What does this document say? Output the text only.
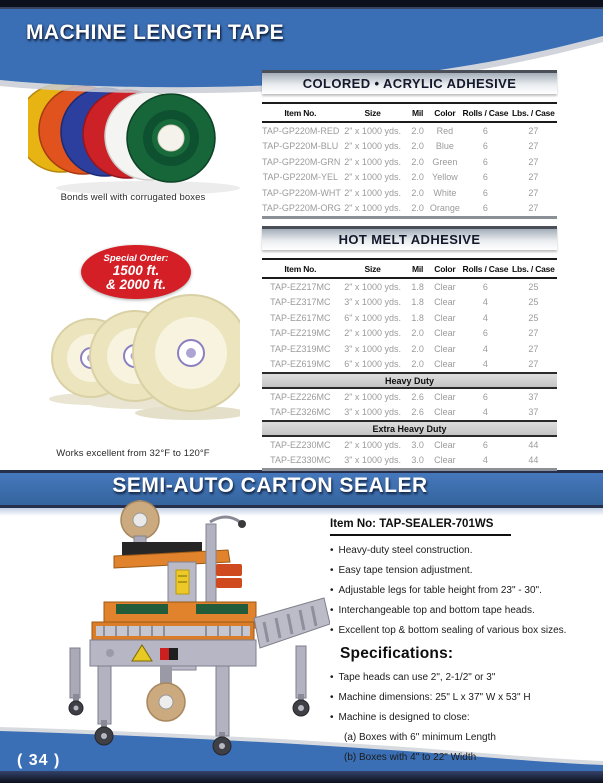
MACHINE LENGTH TAPE
Bonds well with corrugated boxes
Special Order:
1500 ft.
& 2000 ft.
Works excellent from 32°F to 120°F
COLORED • ACRYLIC ADHESIVE
Item No.	Size	Mil	Color	Rolls / Case	Lbs. / Case
TAP-GP220M-RED	2" x 1000 yds.	2.0	Red	6	27
TAP-GP220M-BLU	2" x 1000 yds.	2.0	Blue	6	27
TAP-GP220M-GRN	2" x 1000 yds.	2.0	Green	6	27
TAP-GP220M-YEL	2" x 1000 yds.	2.0	Yellow	6	27
TAP-GP220M-WHT	2" x 1000 yds.	2.0	White	6	27
TAP-GP220M-ORG	2" x 1000 yds.	2.0	Orange	6	27
HOT MELT ADHESIVE
Item No.	Size	Mil	Color	Rolls / Case	Lbs. / Case
TAP-EZ217MC	2" x 1000 yds.	1.8	Clear	6	25
TAP-EZ317MC	3" x 1000 yds.	1.8	Clear	4	25
TAP-EZ617MC	6" x 1000 yds.	1.8	Clear	4	25
TAP-EZ219MC	2" x 1000 yds.	2.0	Clear	6	27
TAP-EZ319MC	3" x 1000 yds.	2.0	Clear	4	27
TAP-EZ619MC	6" x 1000 yds.	2.0	Clear	4	27
Heavy Duty					
TAP-EZ226MC	2" x 1000 yds.	2.6	Clear	6	37
TAP-EZ326MC	3" x 1000 yds.	2.6	Clear	4	37
Extra Heavy Duty					
TAP-EZ230MC	2" x 1000 yds.	3.0	Clear	6	44
TAP-EZ330MC	3" x 1000 yds.	3.0	Clear	4	44
SEMI-AUTO CARTON SEALER
Item No: TAP-SEALER-701WS
• Heavy-duty steel construction.
• Easy tape tension adjustment.
• Adjustable legs for table height from 23" - 30".
• Interchangeable top and bottom tape heads.
• Excellent top & bottom sealing of various box sizes.
Specifications:
• Tape heads can use 2", 2-1/2" or 3"
• Machine dimensions: 25" L x 37" W x 53" H
• Machine is designed to close:
(a) Boxes with 6" minimum Length
(b) Boxes with 4" to 22" Width
( 34 )
